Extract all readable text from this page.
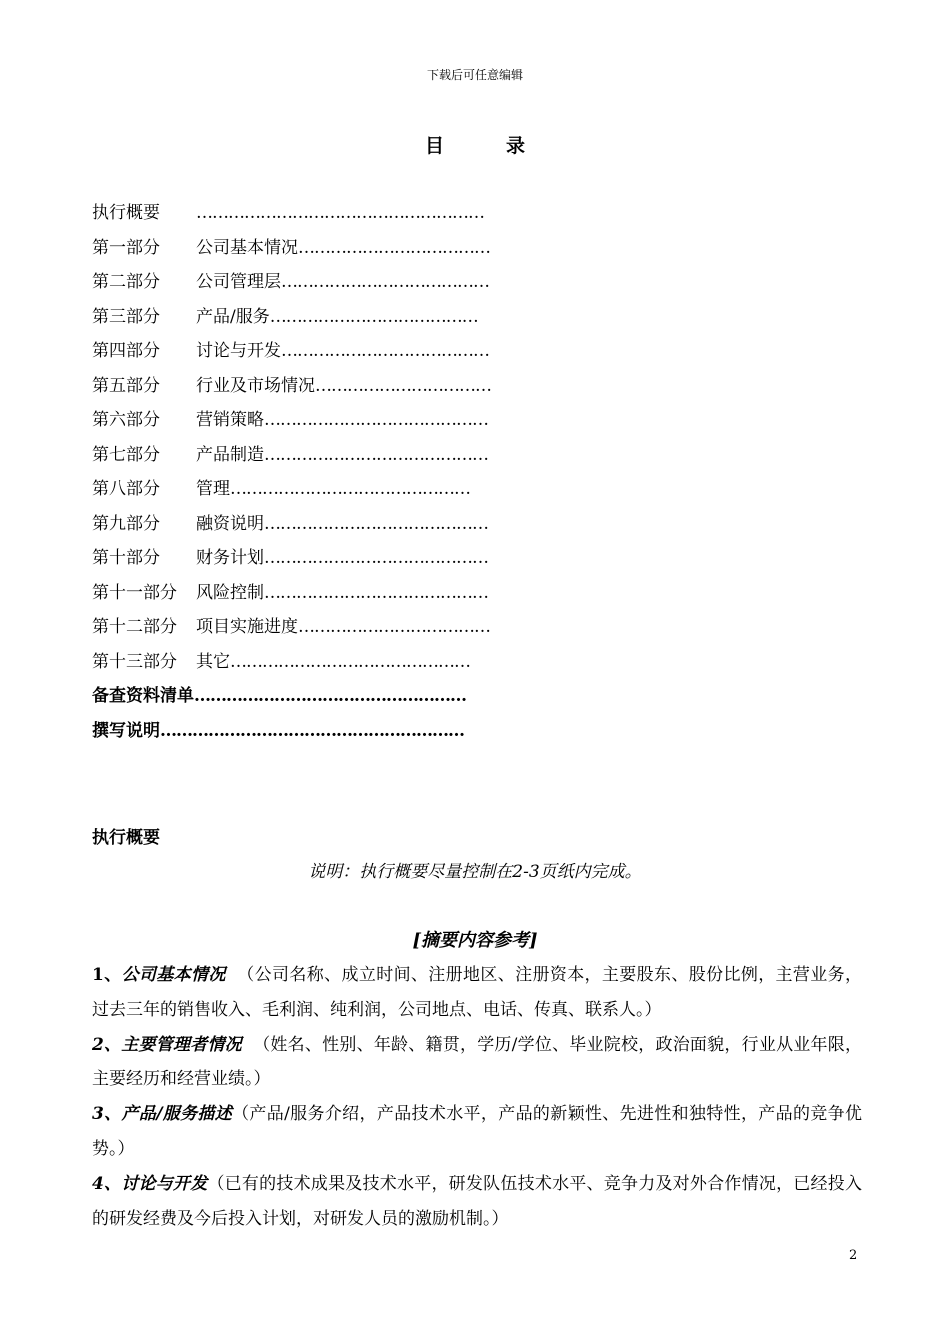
下载后可任意编辑
目录
执行概要 ………………………………………………
第一部分 公司基本情况………………………………
第二部分 公司管理层…………………………………
第三部分 产品/服务…………………………………
第四部分 讨论与开发…………………………………
第五部分 行业及市场情况……………………………
第六部分 营销策略……………………………………
第七部分 产品制造……………………………………
第八部分 管理………………………………………
第九部分 融资说明……………………………………
第十部分 财务计划……………………………………
第十一部分 风险控制……………………………………
第十二部分 项目实施进度………………………………
第十三部分 其它………………………………………
备查资料清单……………………………………………
撰写说明…………………………………………………
执行概要
说明：执行概要尽量控制在2-3页纸内完成。
[摘要内容参考]
1、公司基本情况 （公司名称、成立时间、注册地区、注册资本，主要股东、股份比例，主营业务，过去三年的销售收入、毛利润、纯利润，公司地点、电话、传真、联系人。）
2、主要管理者情况 （姓名、性别、年龄、籍贯，学历/学位、毕业院校，政治面貌，行业从业年限，主要经历和经营业绩。）
3、产品/服务描述（产品/服务介绍，产品技术水平，产品的新颖性、先进性和独特性，产品的竞争优势。）
4、讨论与开发（已有的技术成果及技术水平，研发队伍技术水平、竞争力及对外合作情况，已经投入的研发经费及今后投入计划，对研发人员的激励机制。）
2
